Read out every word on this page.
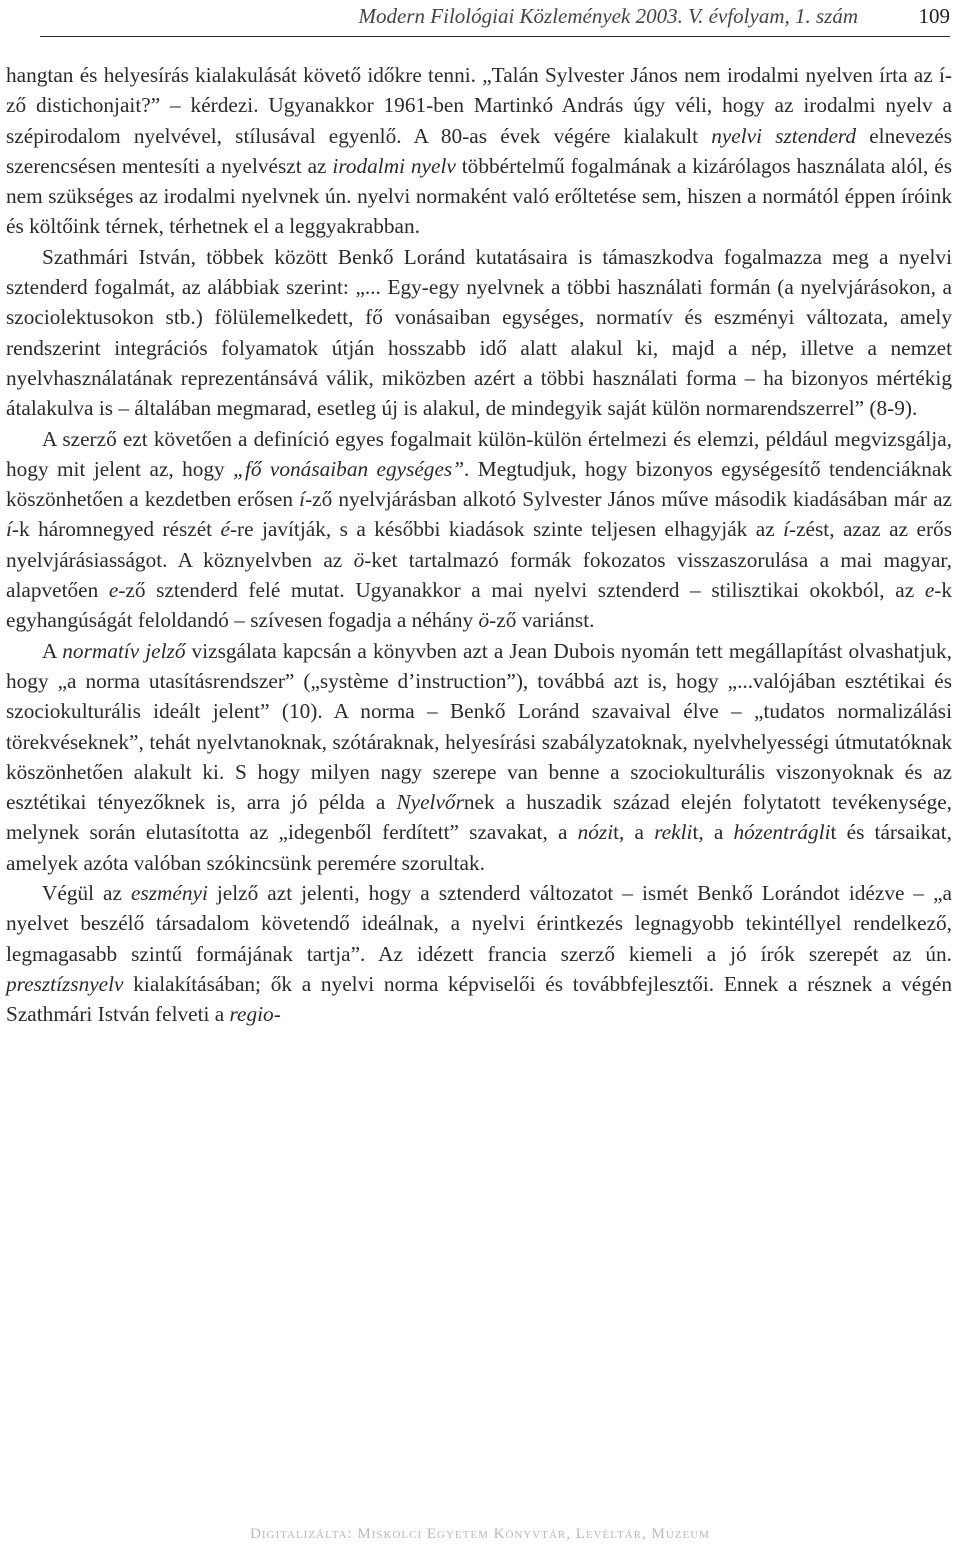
Modern Filológiai Közlemények 2003. V. évfolyam, 1. szám	109

hangtan és helyesírás kialakulását követő időkre tenni. „Talán Sylvester János nem irodalmi nyelven írta az í-ző distichonjait?” – kérdezi. Ugyanakkor 1961-ben Martinkó András úgy véli, hogy az irodalmi nyelv a szépirodalom nyelvével, stílusával egyenlő. A 80-as évek végére kialakult nyelvi sztenderd elnevezés szerencsésen mentesíti a nyelvészt az irodalmi nyelv többértelmű fogalmának a kizárólagos használata alól, és nem szükséges az irodalmi nyelvnek ún. nyelvi normaként való erőltetése sem, hiszen a normától éppen íróink és költőink térnek, térhetnek el a leggyakrabban.

Szathmári István, többek között Benkő Loránd kutatásaira is támaszkodva fogalmazza meg a nyelvi sztenderd fogalmát, az alábbiak szerint: „... Egy-egy nyelvnek a többi használati formán (a nyelvjárásokon, a szociolektusokon stb.) fölülemelkedett, fő vonásaiban egységes, normatív és eszményi változata, amely rendszerint integrációs folyamatok útján hosszabb idő alatt alakul ki, majd a nép, illetve a nemzet nyelvhasználatának reprezentánsává válik, miközben azért a többi használati forma – ha bizonyos mértékig átalakulva is – általában megmarad, esetleg új is alakul, de mindegyik saját külön normarendszerrel” (8-9).

A szerző ezt követően a definíció egyes fogalmait külön-külön értelmezi és elemzi, például megvizsgálja, hogy mit jelent az, hogy „fő vonásaiban egységes”. Megtudjuk, hogy bizonyos egységesítő tendenciáknak köszönhetően a kezdetben erősen í-ző nyelvjárásban alkotó Sylvester János műve második kiadásában már az í-k háromnegyed részét é-re javítják, s a későbbi kiadások szinte teljesen elhagyják az í-zést, azaz az erős nyelvjárásiasságot. A köznyelvben az ö-ket tartalmazó formák fokozatos visszaszorulása a mai magyar, alapvetően e-ző sztenderd felé mutat. Ugyanakkor a mai nyelvi sztenderd – stilisztikai okokból, az e-k egyhangúságát feloldandó – szívesen fogadja a néhány ö-ző variánst.

A normatív jelző vizsgálata kapcsán a könyvben azt a Jean Dubois nyomán tett megállapítást olvashatjuk, hogy „a norma utasításrendszer” („système d’instruction”), továbbá azt is, hogy „...valójában esztétikai és szociokulturális ideált jelent” (10). A norma – Benkő Loránd szavaival élve – „tudatos normalizálási törekvéseknek”, tehát nyelvtanoknak, szótáraknak, helyesírási szabályzatoknak, nyelvhelyességi útmutatóknak köszönhetően alakult ki. S hogy milyen nagy szerepe van benne a szociokulturális viszonyoknak és az esztétikai tényezőknek is, arra jó példa a Nyelvőrnek a huszadik század elején folytatott tevékenysége, melynek során elutasította az „idegenből ferdített” szavakat, a nózit, a reklit, a hózentráglit és társaikat, amelyek azóta valóban szókincsünk peremére szorultak.

Végül az eszményi jelző azt jelenti, hogy a sztenderd változatot – ismét Benkő Lorándot idézve – „a nyelvet beszélő társadalom követendő ideálnak, a nyelvi érintkezés legnagyobb tekintéllyel rendelkező, legmagasabb szintű formájának tartja”. Az idézett francia szerző kiemeli a jó írók szerepét az ún. presztízsnyelv kialakításában; ők a nyelvi norma képviselői és továbbfejlesztői. Ennek a résznek a végén Szathmári István felveti a regio-

Digitalizálta: Miskolci Egyetem Könyvtár, Levéltár, Múzeum
